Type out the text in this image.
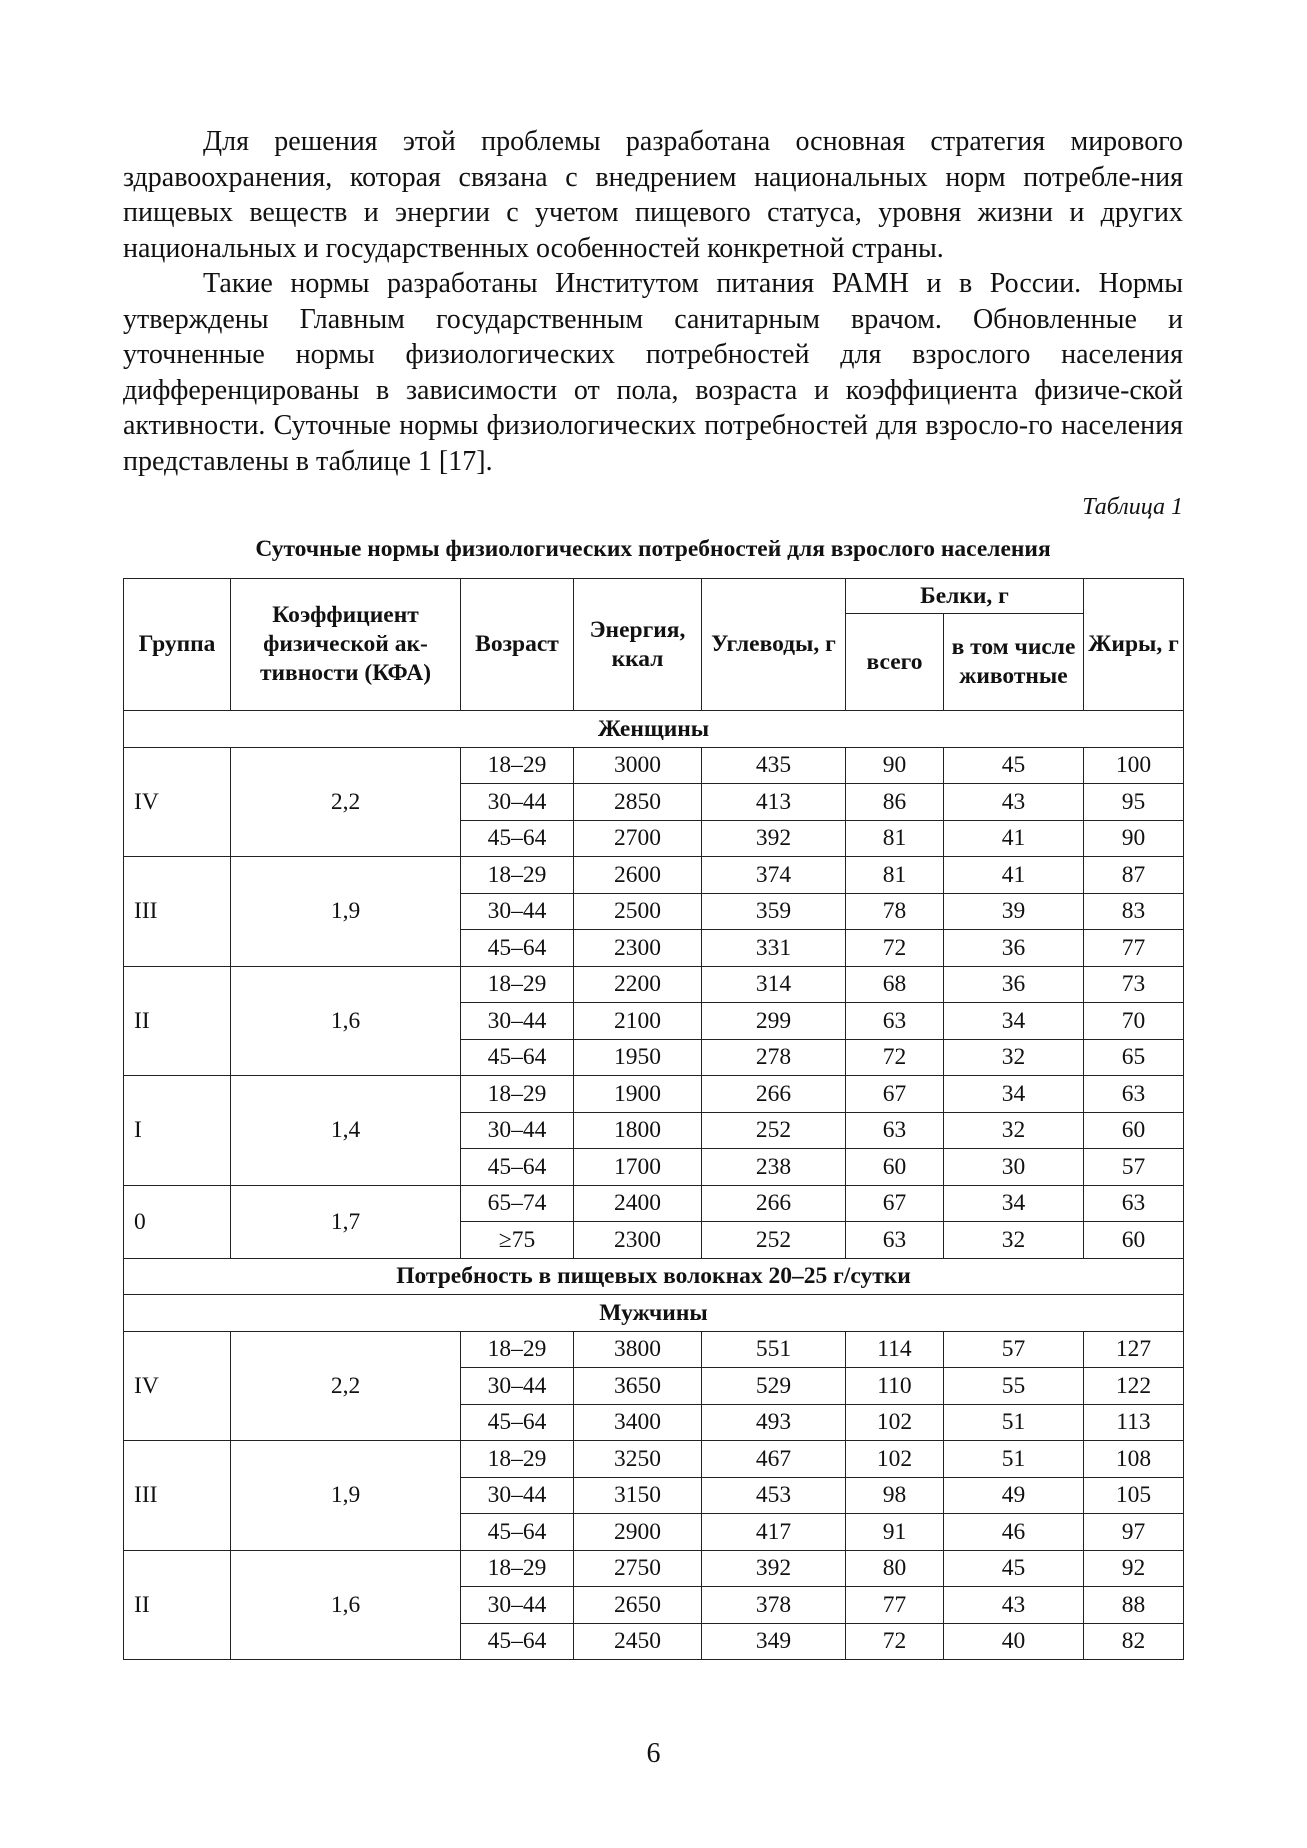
Для решения этой проблемы разработана основная стратегия мирового здравоохранения, которая связана с внедрением национальных норм потребле-ния пищевых веществ и энергии с учетом пищевого статуса, уровня жизни и других национальных и государственных особенностей конкретной страны.

Такие нормы разработаны Институтом питания РАМН и в России. Нормы утверждены Главным государственным санитарным врачом. Обновленные и уточненные нормы физиологических потребностей для взрослого населения дифференцированы в зависимости от пола, возраста и коэффициента физиче-ской активности. Суточные нормы физиологических потребностей для взросло-го населения представлены в таблице 1 [17].

Таблица 1
Суточные нормы физиологических потребностей для взрослого населения
Группа	Коэффициент физической ак-тивности (КФА)	Возраст	Энергия, ккал	Углеводы, г	Белки, г		Жиры, г
					всего	в том числе животные	
Женщины							
IV	2,2	18–29	3000	435	90	45	100
		30–44	2850	413	86	43	95
		45–64	2700	392	81	41	90
III	1,9	18–29	2600	374	81	41	87
		30–44	2500	359	78	39	83
		45–64	2300	331	72	36	77
II	1,6	18–29	2200	314	68	36	73
		30–44	2100	299	63	34	70
		45–64	1950	278	72	32	65
I	1,4	18–29	1900	266	67	34	63
		30–44	1800	252	63	32	60
		45–64	1700	238	60	30	57
0	1,7	65–74	2400	266	67	34	63
		≥75	2300	252	63	32	60
Потребность в пищевых волокнах 20–25 г/сутки							
Мужчины							
IV	2,2	18–29	3800	551	114	57	127
		30–44	3650	529	110	55	122
		45–64	3400	493	102	51	113
III	1,9	18–29	3250	467	102	51	108
		30–44	3150	453	98	49	105
		45–64	2900	417	91	46	97
II	1,6	18–29	2750	392	80	45	92
		30–44	2650	378	77	43	88
		45–64	2450	349	72	40	82
6
